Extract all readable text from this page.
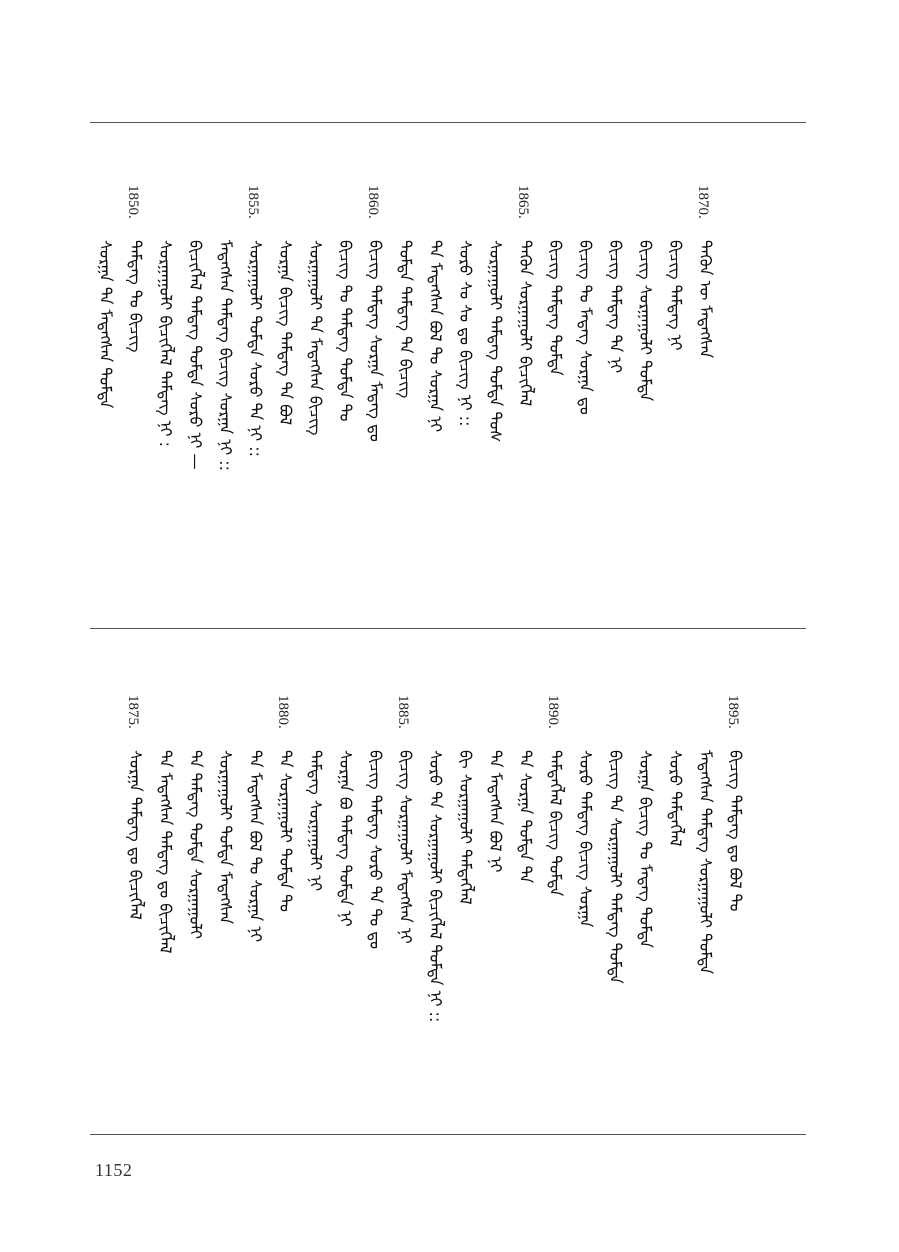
1870.
ᠲᠡᠭᠦᠨ ᠦ ᠮᠡᠳᠡᠭᠰᠡᠨ
ᠪᠢᠴᠢᠭ ᠲᠡᠮᠳᠡᠭ ᠨᠢ
ᠪᠢᠴᠢᠭ ᠰᠤᠷᠭᠠᠭᠤᠯᠢ ᠳᠤᠮᠳᠠ
ᠪᠢᠴᠢᠭ ᠲᠡᠮᠳᠡᠭ ᠲᠠ ᠨᠢ
ᠪᠢᠴᠢᠭ ᠲᠤ ᠮᠡᠳᠡᠭ ᠰᠤᠷᠭᠠ ᠳᠤ
ᠪᠢᠴᠢᠭ ᠲᠡᠮᠳᠡᠭ ᠳᠤᠮᠳᠠ
1865.
ᠲᠡᠭᠦᠨ ᠰᠤᠷᠭᠠᠭᠤᠯᠢ ᠪᠢᠴᠢᠭᠯᠡᠯ
ᠰᠤᠷᠭᠠᠭᠤᠯᠢ ᠲᠡᠮᠳᠡᠭ ᠳᠤᠮᠳᠠ ᠲᠤᠰ
ᠰᠤᠷᠤ ᠰᠤ ᠰᠤ ᠳᠤ ᠪᠢᠴᠢᠭ ᠨᠢ ::
ᠲᠡ ᠮᠡᠳᠡᠭᠰᠡᠨ ᠪᠣᠯ ᠲᠤ ᠰᠤᠷᠭᠠ ᠨᠢ
ᠳᠤᠮᠳᠠ ᠲᠡᠮᠳᠡᠭ ᠲᠡ ᠪᠢᠴᠢᠭ
1860.
ᠪᠢᠴᠢᠭ ᠲᠡᠮᠳᠡᠭ ᠰᠤᠷᠭᠠ ᠮᠡᠳᠡᠭ ᠳᠤ
ᠪᠢᠴᠢᠭ ᠲᠤ ᠲᠡᠮᠳᠡᠭ ᠳᠤᠮᠳᠠ ᠲᠤ
ᠰᠤᠷᠭᠠᠭᠤᠯᠢ ᠲᠡ ᠮᠡᠳᠡᠭᠰᠡᠨ ᠪᠢᠴᠢᠭ
ᠰᠤᠷᠭᠠ ᠪᠢᠴᠢᠭ ᠲᠡᠮᠳᠡᠭ ᠲᠡ ᠪᠣᠯ
1855.
ᠰᠤᠷᠭᠠᠭᠤᠯᠢ ᠳᠤᠮᠳᠠ ᠰᠤᠷᠤ ᠲᠡ ᠨᠢ ::
ᠮᠡᠳᠡᠭᠰᠡᠨ ᠲᠡᠮᠳᠡᠭ ᠪᠢᠴᠢᠭ ᠰᠤᠷᠭᠠ ᠨᠢ ::
ᠪᠢᠴᠢᠭᠯᠡᠯ ᠲᠡᠮᠳᠡᠭ ᠳᠤᠮᠳᠠ ᠰᠤᠷᠤ ᠨᠢ —
ᠰᠤᠷᠭᠠᠭᠤᠯᠢ ᠪᠢᠴᠢᠭᠯᠡᠯ ᠲᠡᠮᠳᠡᠭ ᠨᠢ :
1850.
ᠲᠡᠮᠳᠡᠭ ᠲᠤ ᠪᠢᠴᠢᠭ
ᠰᠤᠷᠭᠠ ᠲᠡ ᠮᠡᠳᠡᠭᠰᠡᠨ ᠳᠤᠮᠳᠠ
1895.
ᠪᠢᠴᠢᠭ ᠲᠡᠮᠳᠡᠭ ᠳᠤ ᠪᠣᠯ ᠲᠤ
ᠮᠡᠳᠡᠭᠰᠡᠨ ᠲᠡᠮᠳᠡᠭ ᠰᠤᠷᠭᠠᠭᠤᠯᠢ ᠳᠤᠮᠳᠠ
ᠰᠤᠷᠤ ᠲᠡᠮᠳᠡᠭᠯᠡᠯ
ᠰᠤᠷᠭᠠ ᠪᠢᠴᠢᠭ ᠲᠤ ᠮᠡᠳᠡᠭ ᠳᠤᠮᠳᠠ
ᠪᠢᠴᠢᠭ ᠲᠡ ᠰᠤᠷᠭᠠᠭᠤᠯᠢ ᠲᠡᠮᠳᠡᠭ ᠳᠤᠮᠳᠠ
ᠰᠤᠷᠤ ᠲᠡᠮᠳᠡᠭ ᠪᠢᠴᠢᠭ ᠰᠤᠷᠭᠠ
1890.
ᠲᠡᠮᠳᠡᠭᠯᠡᠯ ᠪᠢᠴᠢᠭ ᠳᠤᠮᠳᠠ
ᠲᠡ ᠰᠤᠷᠭᠠ ᠳᠤᠮᠳᠠ ᠲᠡ
ᠲᠡ ᠮᠡᠳᠡᠭᠰᠡᠨ ᠪᠣᠯ ᠨᠢ
ᠪᠢ ᠰᠤᠷᠭᠠᠭᠤᠯᠢ ᠲᠡᠮᠳᠡᠭᠯᠡᠯ
ᠰᠤᠷᠤ ᠲᠡ ᠰᠤᠷᠭᠠᠭᠤᠯᠢ ᠪᠢᠴᠢᠭᠯᠡᠯ ᠳᠤᠮᠳᠠ ᠨᠢ ::
1885.
ᠪᠢᠴᠢᠭ ᠰᠤᠷᠭᠠᠭᠤᠯᠢ ᠮᠡᠳᠡᠭᠰᠡᠨ ᠨᠢ
ᠪᠢᠴᠢᠭ ᠲᠡᠮᠳᠡᠭ ᠰᠤᠷᠤ ᠲᠡ ᠲᠤ ᠳᠤ
ᠰᠤᠷᠭᠠ ᠪᠣ ᠲᠡᠮᠳᠡᠭ ᠳᠤᠮᠳᠠ ᠨᠢ
ᠲᠡᠮᠳᠡᠭ ᠰᠤᠷᠭᠠᠭᠤᠯᠢ ᠨᠢ
1880.
ᠲᠡ ᠰᠤᠷᠭᠠᠭᠤᠯᠢ ᠳᠤᠮᠳᠠ ᠲᠤ
ᠲᠡ ᠮᠡᠳᠡᠭᠰᠡᠨ ᠪᠣᠯ ᠲᠤ ᠰᠤᠷᠭᠠ ᠨᠢ
ᠰᠤᠷᠭᠠᠭᠤᠯᠢ ᠳᠤᠮᠳᠠ ᠮᠡᠳᠡᠭᠰᠡᠨ
ᠲᠡ ᠲᠡᠮᠳᠡᠭ ᠳᠤᠮᠳᠠ ᠰᠤᠷᠭᠠᠭᠤᠯᠢ
ᠲᠡ ᠮᠡᠳᠡᠭᠰᠡᠨ ᠲᠡᠮᠳᠡᠭ ᠳᠤ ᠪᠢᠴᠢᠭᠯᠡᠯ
1875.
ᠰᠤᠷᠭᠠ ᠲᠡᠮᠳᠡᠭ ᠳᠤ ᠪᠢᠴᠢᠭᠯᠡᠯ
1152
